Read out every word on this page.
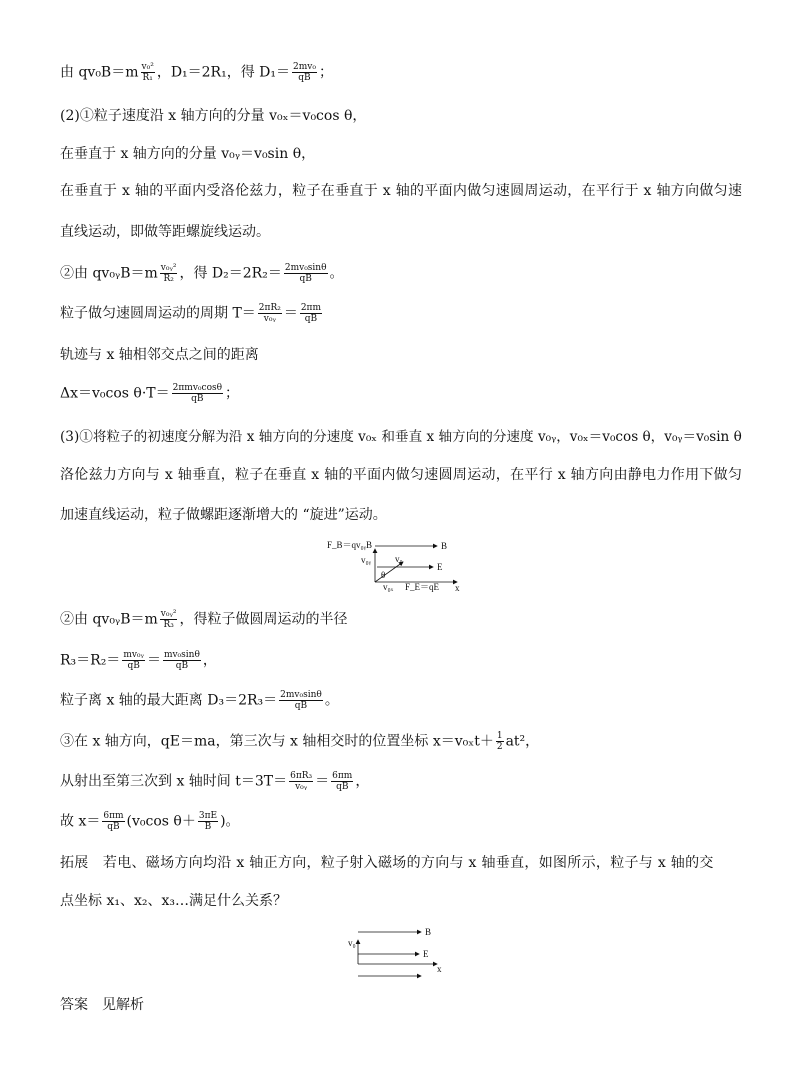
由 $qv_0B=m \frac{\text{v₀²}}{\text{R₁}}$ ，D₁＝2R₁，得 $D_1= \frac{\text{2mv₀}}{qB}$ ；
(2)①粒子速度沿 x 轴方向的分量 v₀ₓ＝v₀cos θ，
在垂直于 x 轴方向的分量 v₀ᵧ＝v₀sin θ，
在垂直于 x 轴的平面内受洛伦兹力，粒子在垂直于 x 轴的平面内做匀速圆周运动，在平行于 x 轴方向做匀速
直线运动，即做等距螺旋线运动。
②由 qv₀ᵧB＝m $\frac{\text{v₀ᵧ²}}{\text{R₂}}$ ，得 $D_2=2R_2= \frac{\text{2mv₀sinθ}}{qB}$ 。
粒子做匀速圆周运动的周期 $T= \frac{\text{2πR₂}}{\text{v₀ᵧ}} = \frac{2\pi m}{qB}$
轨迹与 x 轴相邻交点之间的距离
Δx＝v₀cos $\theta\cdot T= \frac{\text{2πmv₀cosθ}}{qB}$ ；
(3)①将粒子的初速度分解为沿 x 轴方向的分速度 v₀ₓ 和垂直 x 轴方向的分速度 v₀ᵧ，v₀ₓ＝v₀cos θ，v₀ᵧ＝v₀sin θ
洛伦兹力方向与 x 轴垂直，粒子在垂直 x 轴的平面内做匀速圆周运动，在平行 x 轴方向由静电力作用下做匀
加速直线运动，粒子做螺距逐渐增大的 “旋进”运动。
F_B＝qv₀ᵧB	B
v₀ᵧ	v₀
E
θ
x
v₀ₓ F_E＝qE
②由 qv₀ᵧB＝m $\frac{\text{v₀ᵧ²}}{\text{R₃}}$ ，得粒子做圆周运动的半径
$R_3=R_2= \frac{\text{mv₀ᵧ}}{qB} = \frac{\text{mv₀sinθ}}{qB}$ ，
粒子离 x 轴的最大距离 $D_3=2R_3= \frac{\text{2mv₀sinθ}}{qB}$ 。
③在 x 轴方向，qE＝ma，第三次与 x 轴相交时的位置坐标 $x=v_{0x}t+ \frac{1}{2} at^2$，
从射出至第三次到 x 轴时间 $t=3T= \frac{\text{6πR₃}}{\text{v₀ᵧ}} = \frac{6\pi m}{qB}$ ，
故 $x= \frac{6\pi m}{qB} (v_0\cos$ $\theta+ \frac{3\pi E}{B}$ )。
拓展　若电、磁场方向均沿 x 轴正方向，粒子射入磁场的方向与 x 轴垂直，如图所示，粒子与 x 轴的交
点坐标 x₁、x₂、x₃…满足什么关系？
B
v₀
E
x
答案　见解析
